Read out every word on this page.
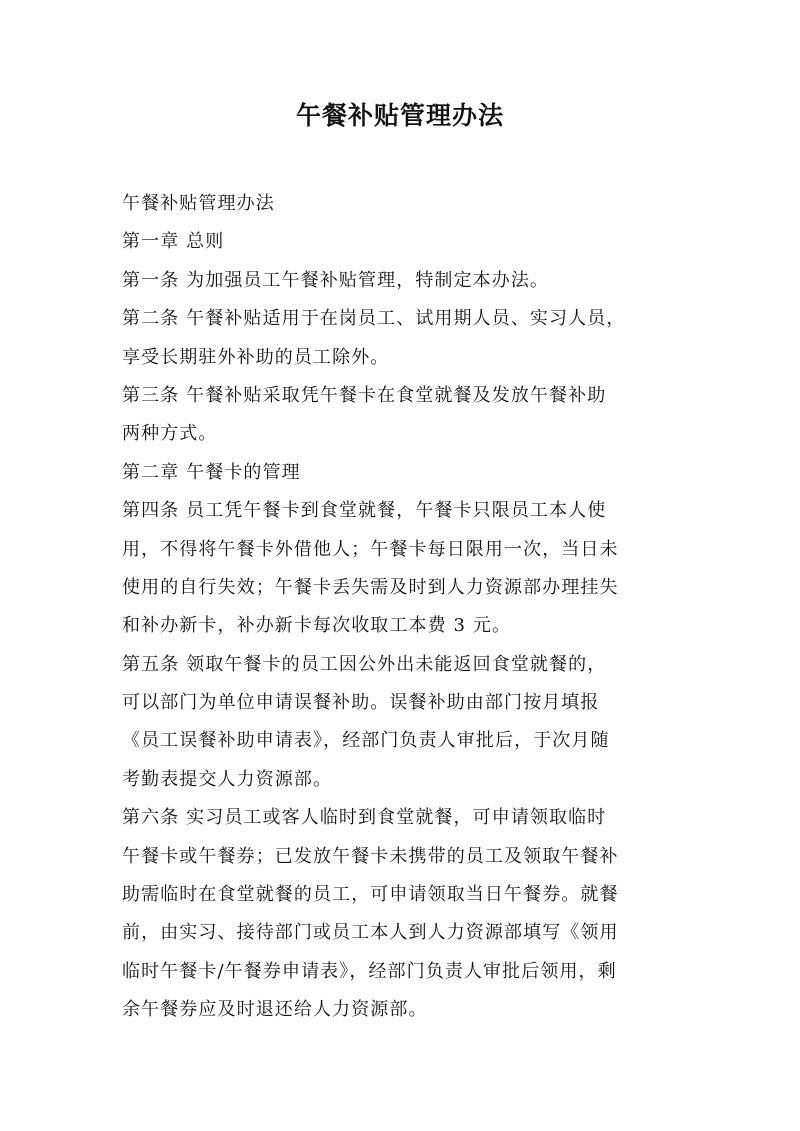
午餐补贴管理办法
午餐补贴管理办法
第一章 总则
第一条 为加强员工午餐补贴管理，特制定本办法。
第二条 午餐补贴适用于在岗员工、试用期人员、实习人员，
享受长期驻外补助的员工除外。
第三条 午餐补贴采取凭午餐卡在食堂就餐及发放午餐补助
两种方式。
第二章 午餐卡的管理
第四条 员工凭午餐卡到食堂就餐，午餐卡只限员工本人使
用，不得将午餐卡外借他人；午餐卡每日限用一次，当日未
使用的自行失效；午餐卡丢失需及时到人力资源部办理挂失
和补办新卡，补办新卡每次收取工本费 3 元。
第五条 领取午餐卡的员工因公外出未能返回食堂就餐的，
可以部门为单位申请误餐补助。误餐补助由部门按月填报
《员工误餐补助申请表》，经部门负责人审批后，于次月随
考勤表提交人力资源部。
第六条 实习员工或客人临时到食堂就餐，可申请领取临时
午餐卡或午餐券；已发放午餐卡未携带的员工及领取午餐补
助需临时在食堂就餐的员工，可申请领取当日午餐券。就餐
前，由实习、接待部门或员工本人到人力资源部填写《领用
临时午餐卡/午餐券申请表》，经部门负责人审批后领用，剩
余午餐券应及时退还给人力资源部。
